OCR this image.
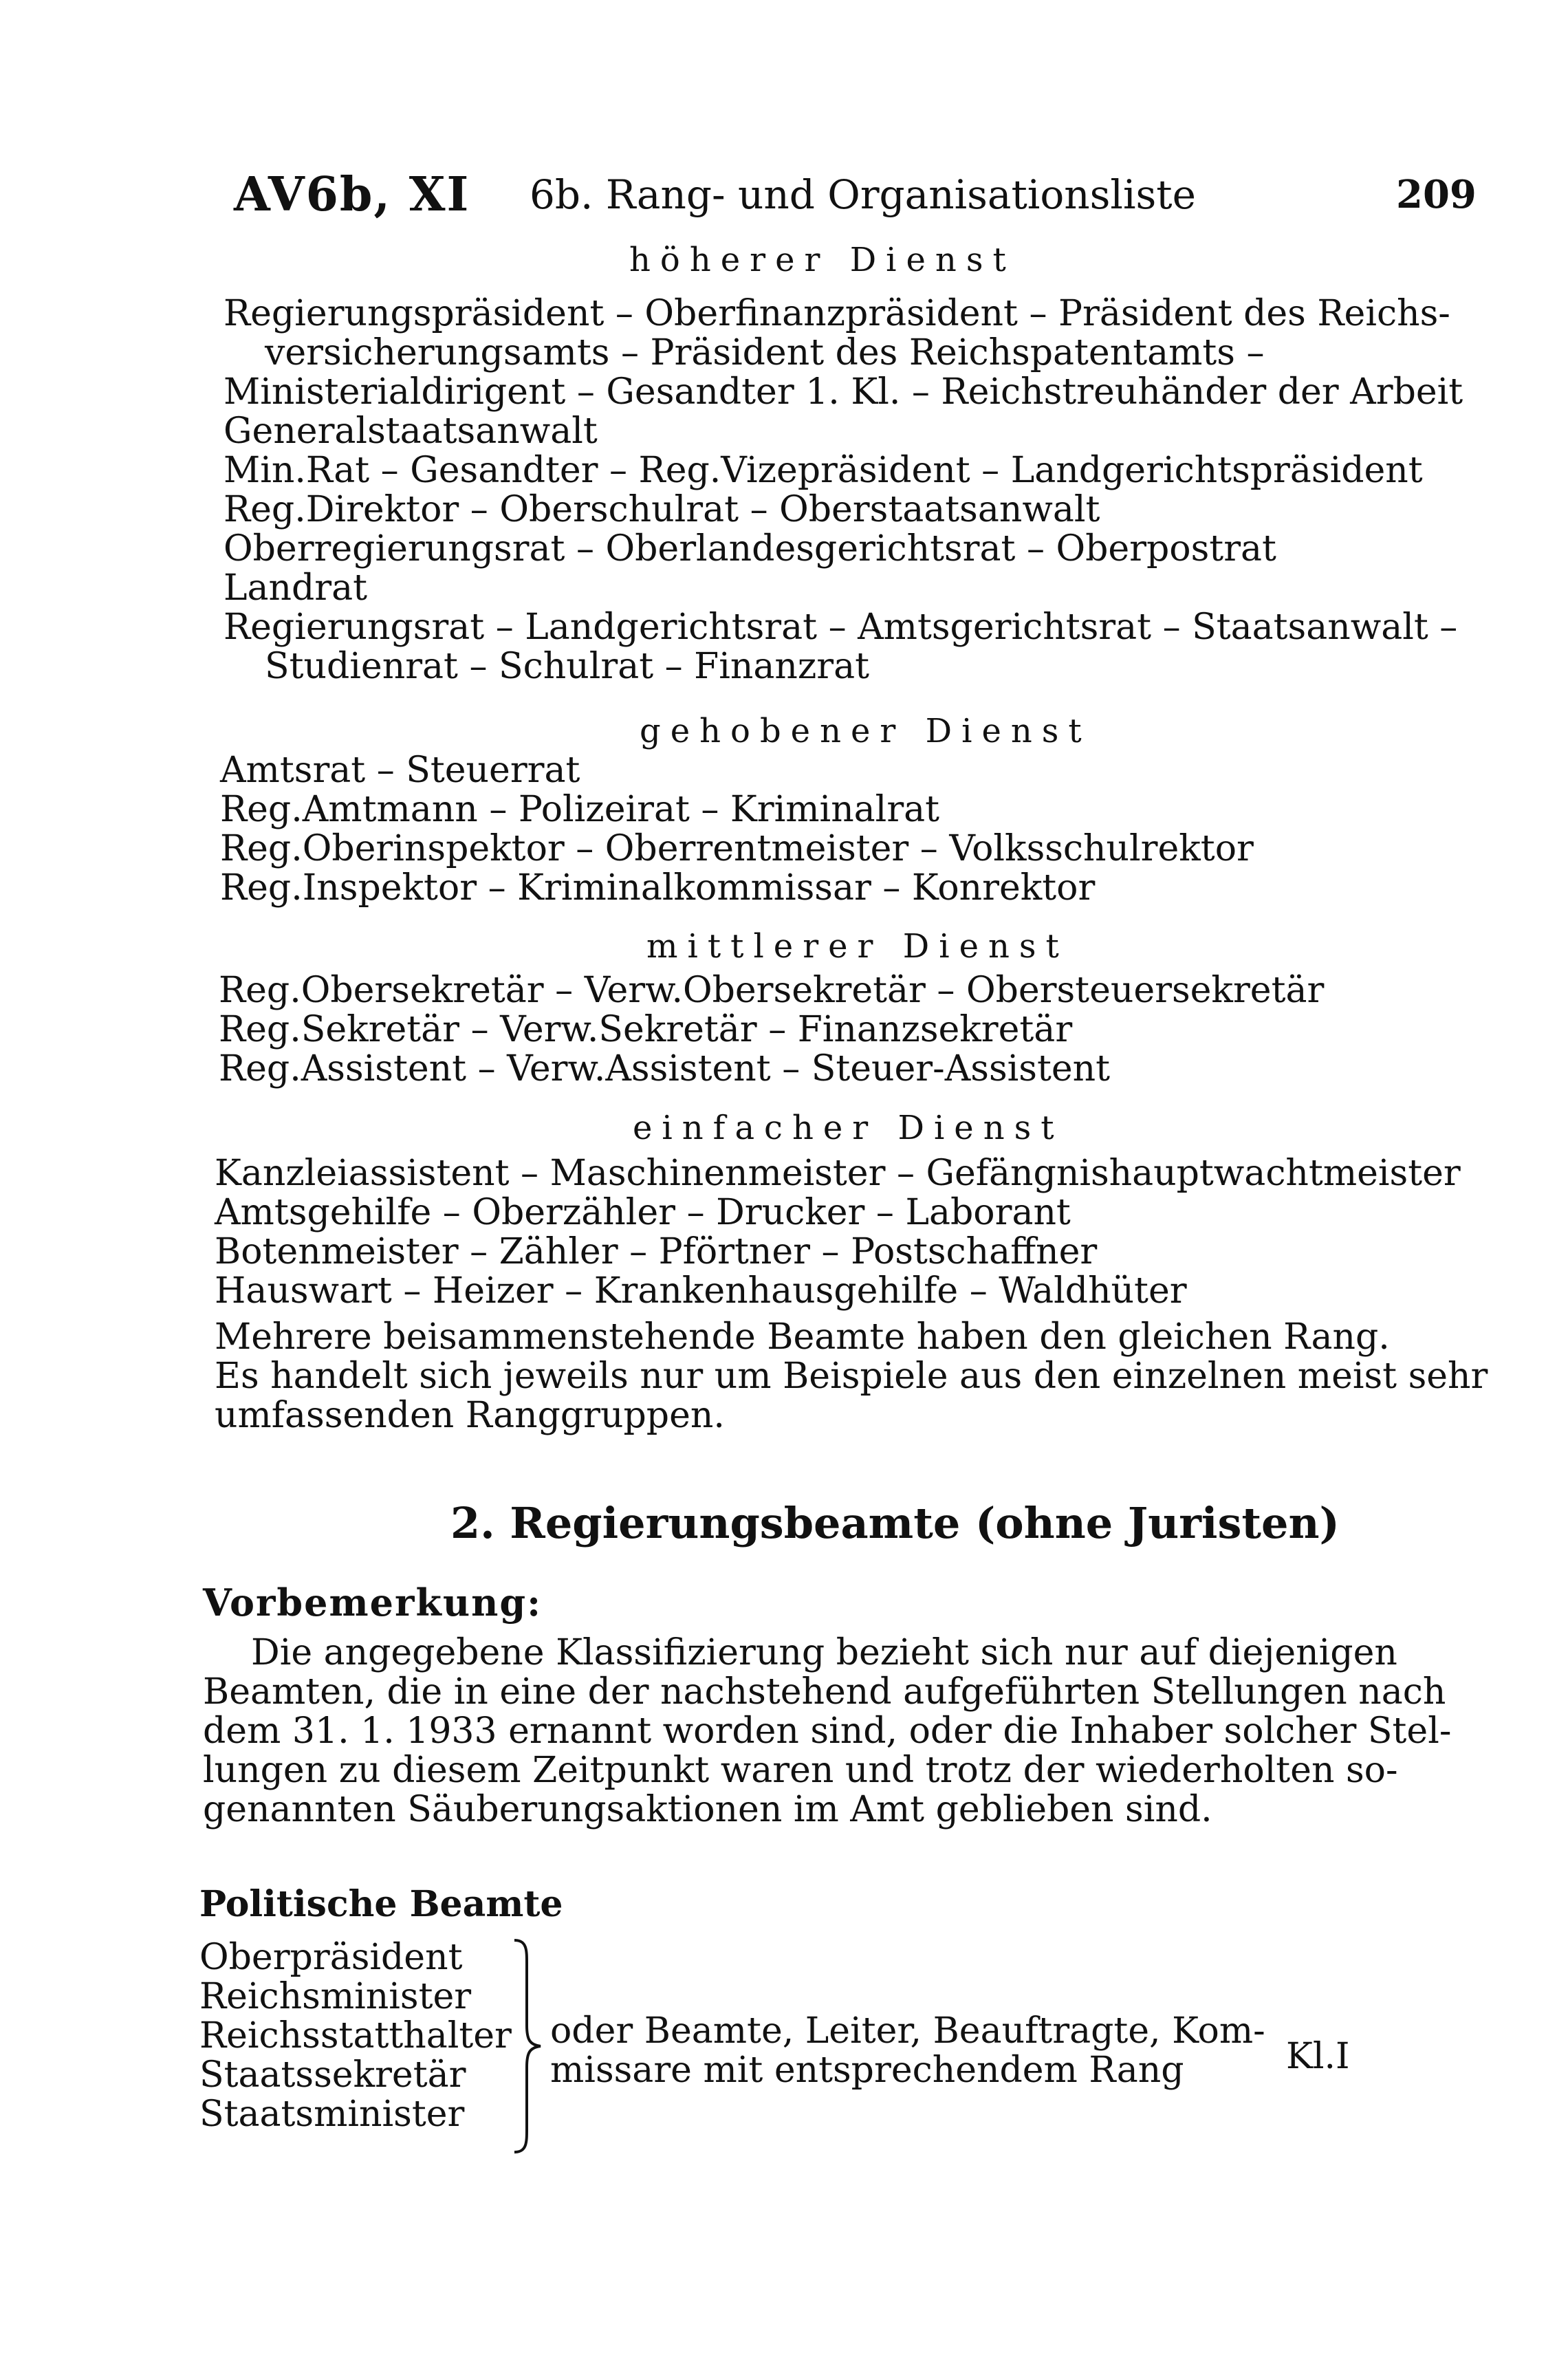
AV6b, XI 6b. Rang- und Organisationsliste	209
höherer Dienst
Regierungspräsident – Oberfinanzpräsident – Präsident des Reichs-
versicherungsamts – Präsident des Reichspatentamts –
Ministerialdirigent – Gesandter 1. Kl. – Reichstreuhänder der Arbeit
Generalstaatsanwalt
Min.Rat – Gesandter – Reg.Vizepräsident – Landgerichtspräsident
Reg.Direktor – Oberschulrat – Oberstaatsanwalt
Oberregierungsrat – Oberlandesgerichtsrat – Oberpostrat
Landrat
Regierungsrat – Landgerichtsrat – Amtsgerichtsrat – Staatsanwalt –
Studienrat – Schulrat – Finanzrat
gehobener Dienst
Amtsrat – Steuerrat
Reg.Amtmann – Polizeirat – Kriminalrat
Reg.Oberinspektor – Oberrentmeister – Volksschulrektor
Reg.Inspektor – Kriminalkommissar – Konrektor
mittlerer Dienst
Reg.Obersekretär – Verw.Obersekretär – Obersteuersekretär
Reg.Sekretär – Verw.Sekretär – Finanzsekretär
Reg.Assistent – Verw.Assistent – Steuer-Assistent
einfacher Dienst
Kanzleiassistent – Maschinenmeister – Gefängnishauptwachtmeister
Amtsgehilfe – Oberzähler – Drucker – Laborant
Botenmeister – Zähler – Pförtner – Postschaffner
Hauswart – Heizer – Krankenhausgehilfe – Waldhüter
Mehrere beisammenstehende Beamte haben den gleichen Rang.
Es handelt sich jeweils nur um Beispiele aus den einzelnen meist sehr
umfassenden Ranggruppen.
2. Regierungsbeamte (ohne Juristen)
Vorbemerkung:
Die angegebene Klassifizierung bezieht sich nur auf diejenigen
Beamten, die in eine der nachstehend aufgeführten Stellungen nach
dem 31. 1. 1933 ernannt worden sind, oder die Inhaber solcher Stel-
lungen zu diesem Zeitpunkt waren und trotz der wiederholten so-
genannten Säuberungsaktionen im Amt geblieben sind.
Politische Beamte
Oberpräsident
Reichsminister
Reichsstatthalter
Staatssekretär
Staatsminister
oder Beamte, Leiter, Beauftragte, Kom-
missare mit entsprechendem Rang	Kl.I
